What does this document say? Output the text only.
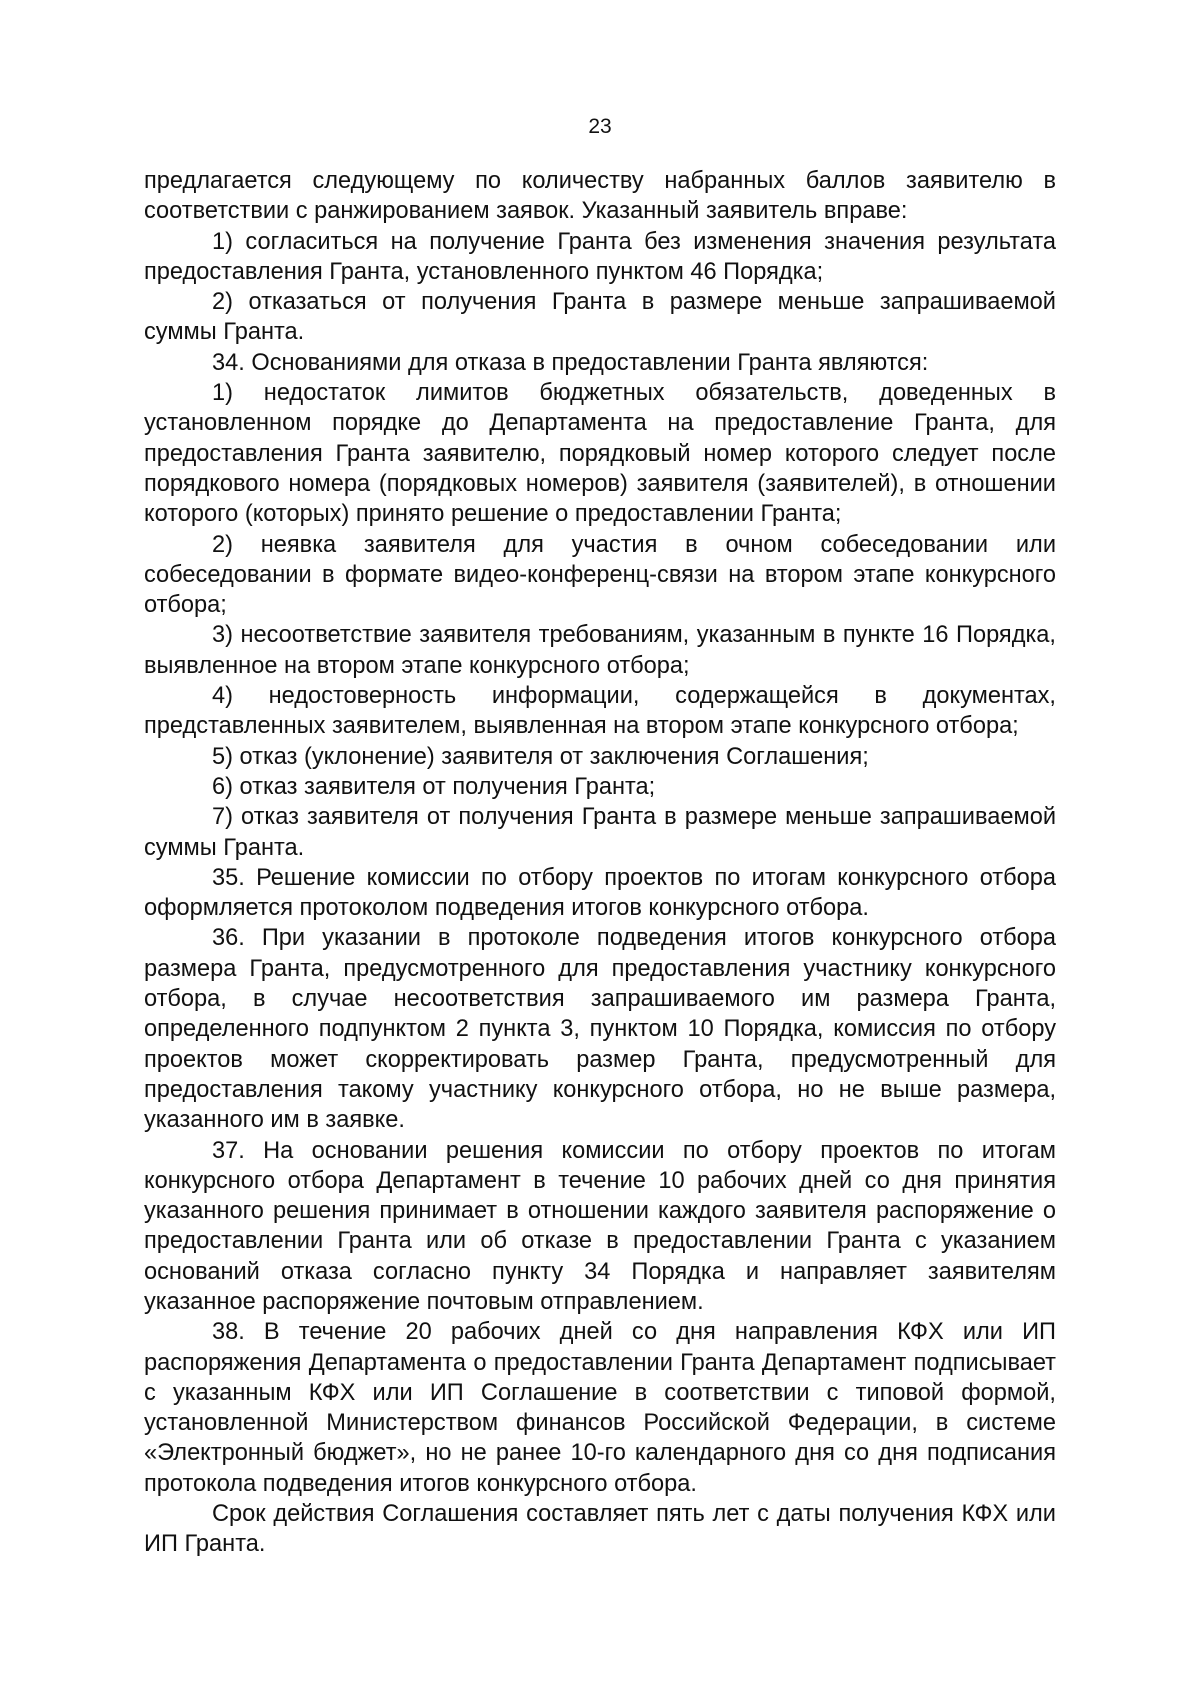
23

предлагается следующему по количеству набранных баллов заявителю в соответствии с ранжированием заявок. Указанный заявитель вправе:

1) согласиться на получение Гранта без изменения значения результата предоставления Гранта, установленного пунктом 46 Порядка;

2) отказаться от получения Гранта в размере меньше запрашиваемой суммы Гранта.

34. Основаниями для отказа в предоставлении Гранта являются:

1) недостаток лимитов бюджетных обязательств, доведенных в установленном порядке до Департамента на предоставление Гранта, для предоставления Гранта заявителю, порядковый номер которого следует после порядкового номера (порядковых номеров) заявителя (заявителей), в отношении которого (которых) принято решение о предоставлении Гранта;

2) неявка заявителя для участия в очном собеседовании или собеседовании в формате видео-конференц-связи на втором этапе конкурсного отбора;

3) несоответствие заявителя требованиям, указанным в пункте 16 Порядка, выявленное на втором этапе конкурсного отбора;

4) недостоверность информации, содержащейся в документах, представленных заявителем, выявленная на втором этапе конкурсного отбора;

5) отказ (уклонение) заявителя от заключения Соглашения;

6) отказ заявителя от получения Гранта;

7) отказ заявителя от получения Гранта в размере меньше запрашиваемой суммы Гранта.

35. Решение комиссии по отбору проектов по итогам конкурсного отбора оформляется протоколом подведения итогов конкурсного отбора.

36. При указании в протоколе подведения итогов конкурсного отбора размера Гранта, предусмотренного для предоставления участнику конкурсного отбора, в случае несоответствия запрашиваемого им размера Гранта, определенного подпунктом 2 пункта 3, пунктом 10 Порядка, комиссия по отбору проектов может скорректировать размер Гранта, предусмотренный для предоставления такому участнику конкурсного отбора, но не выше размера, указанного им в заявке.

37. На основании решения комиссии по отбору проектов по итогам конкурсного отбора Департамент в течение 10 рабочих дней со дня принятия указанного решения принимает в отношении каждого заявителя распоряжение о предоставлении Гранта или об отказе в предоставлении Гранта с указанием оснований отказа согласно пункту 34 Порядка и направляет заявителям указанное распоряжение почтовым отправлением.

38. В течение 20 рабочих дней со дня направления КФХ или ИП распоряжения Департамента о предоставлении Гранта Департамент подписывает с указанным КФХ или ИП Соглашение в соответствии с типовой формой, установленной Министерством финансов Российской Федерации, в системе «Электронный бюджет», но не ранее 10-го календарного дня со дня подписания протокола подведения итогов конкурсного отбора.

Срок действия Соглашения составляет пять лет с даты получения КФХ или ИП Гранта.
